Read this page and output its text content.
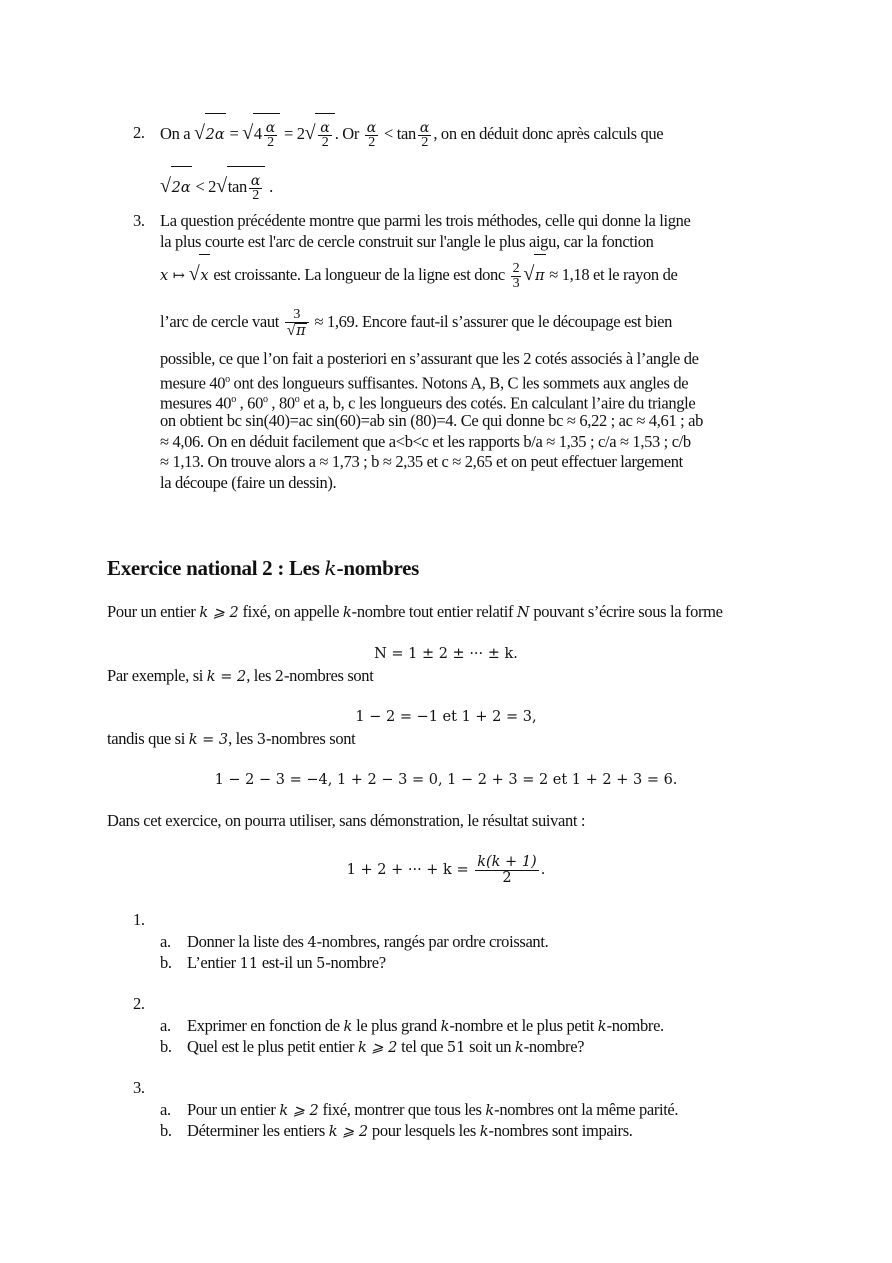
2. On a $√2\alpha = √4 \frac{\alpha}{2} = 2√ \frac{\alpha}{2}$ . Or $\frac{\alpha}{2} < \tan \frac{\alpha}{2}$ , on en déduit donc après calculs que
$√2\alpha < 2√\tan \frac{\alpha}{2}$ .
3. La question précédente montre que parmi les trois méthodes, celle qui donne la ligne
la plus courte est l'arc de cercle construit sur l'angle le plus aigu, car la fonction
x ↦ √x est croissante. La longueur de la ligne est donc $\frac{2}{3} √\pi \approx 1,18$ et le rayon de
l’arc de cercle vaut $\frac{3}{√\pi} \approx 1,69$. Encore faut-il s’assurer que le découpage est bien
possible, ce que l’on fait a posteriori en s’assurant que les 2 cotés associés à l’angle de
mesure 40$^o$ ont des longueurs suffisantes. Notons A, B, C les sommets aux angles de
mesures 40$^o$ , 60$^o$ , 80$^o$ et a, b, c les longueurs des cotés. En calculant l’aire du triangle
on obtient bc sin(40)=ac sin(60)=ab sin (80)=4. Ce qui donne bc ≈ 6,22 ; ac ≈ 4,61 ; ab
≈ 4,06. On en déduit facilement que a<b<c et les rapports b/a ≈ 1,35 ; c/a ≈ 1,53 ; c/b
≈ 1,13. On trouve alors a ≈ 1,73 ; b ≈ 2,35 et c ≈ 2,65 et on peut effectuer largement
la découpe (faire un dessin).
Exercice national 2 : Les k-nombres
Pour un entier k ⩾ 2 fixé, on appelle k-nombre tout entier relatif N pouvant s’écrire sous la forme
N = 1 ± 2 ± ··· ± k.
Par exemple, si k = 2, les 2-nombres sont
1 − 2 = −1 et 1 + 2 = 3,
tandis que si k = 3, les 3-nombres sont
1 − 2 − 3 = −4, 1 + 2 − 3 = 0, 1 − 2 + 3 = 2 et 1 + 2 + 3 = 6.
Dans cet exercice, on pourra utiliser, sans démonstration, le résultat suivant :
1 + 2 + ··· + $k = \frac{k(k + 1)}{2}$ .
1.
a. Donner la liste des 4-nombres, rangés par ordre croissant.
b. L’entier 11 est-il un 5-nombre?
2.
a. Exprimer en fonction de k le plus grand k-nombre et le plus petit k-nombre.
b. Quel est le plus petit entier k ⩾ 2 tel que 51 soit un k-nombre?
3.
a. Pour un entier k ⩾ 2 fixé, montrer que tous les k-nombres ont la même parité.
b. Déterminer les entiers k ⩾ 2 pour lesquels les k-nombres sont impairs.
